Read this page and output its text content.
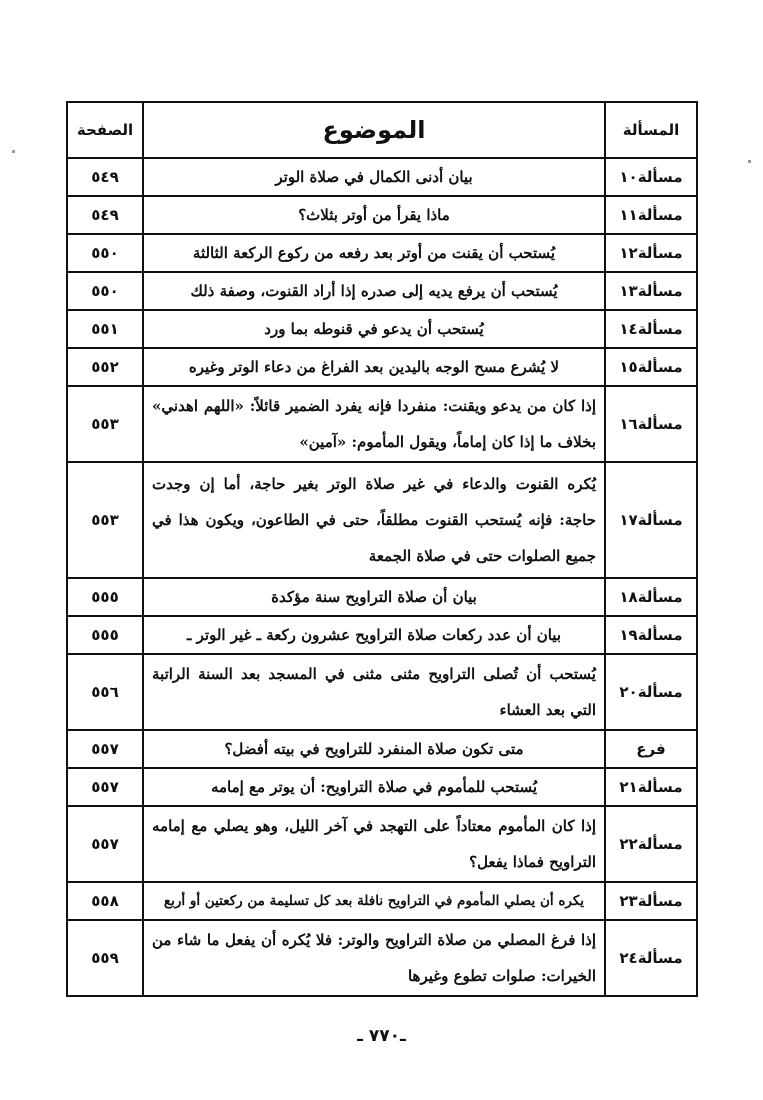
المسألة	الموضوع	الصفحة
مسألة١٠	بيان أدنى الكمال في صلاة الوتر	٥٤٩
مسألة١١	ماذا يقرأ من أوتر بثلاث؟	٥٤٩
مسألة١٢	يُستحب أن يقنت من أوتر بعد رفعه من ركوع الركعة الثالثة	٥٥٠
مسألة١٣	يُستحب أن يرفع يديه إلى صدره إذا أراد القنوت، وصفة ذلك	٥٥٠
مسألة١٤	يُستحب أن يدعو في قنوطه بما ورد	٥٥١
مسألة١٥	لا يُشرع مسح الوجه باليدين بعد الفراغ من دعاء الوتر وغيره	٥٥٢
مسألة١٦	إذا كان من يدعو ويقنت: منفردا فإنه يفرد الضمير قائلاً: «اللهم اهدني» بخلاف ما إذا كان إماماً، ويقول المأموم: «آمين»	٥٥٣
مسألة١٧	يُكره القنوت والدعاء في غير صلاة الوتر بغير حاجة، أما إن وجدت حاجة: فإنه يُستحب القنوت مطلقاً، حتى في الطاعون، ويكون هذا في جميع الصلوات حتى في صلاة الجمعة	٥٥٣
مسألة١٨	بيان أن صلاة التراويح سنة مؤكدة	٥٥٥
مسألة١٩	بيان أن عدد ركعات صلاة التراويح عشرون ركعة ـ غير الوتر ـ	٥٥٥
مسألة٢٠	يُستحب أن تُصلى التراويح مثنى مثنى في المسجد بعد السنة الراتبة التي بعد العشاء	٥٥٦
فرع	متى تكون صلاة المنفرد للتراويح في بيته أفضل؟	٥٥٧
مسألة٢١	يُستحب للمأموم في صلاة التراويح: أن يوتر مع إمامه	٥٥٧
مسألة٢٢	إذا كان المأموم معتاداً على التهجد في آخر الليل، وهو يصلي مع إمامه التراويح فماذا يفعل؟	٥٥٧
مسألة٢٣	يكره أن يصلي المأموم في التراويح نافلة بعد كل تسليمة من ركعتين أو أربع	٥٥٨
مسألة٢٤	إذا فرغ المصلي من صلاة التراويح والوتر: فلا يُكره أن يفعل ما شاء من الخيرات: صلوات تطوع وغيرها	٥٥٩
ـ٧٧٠ ـ
